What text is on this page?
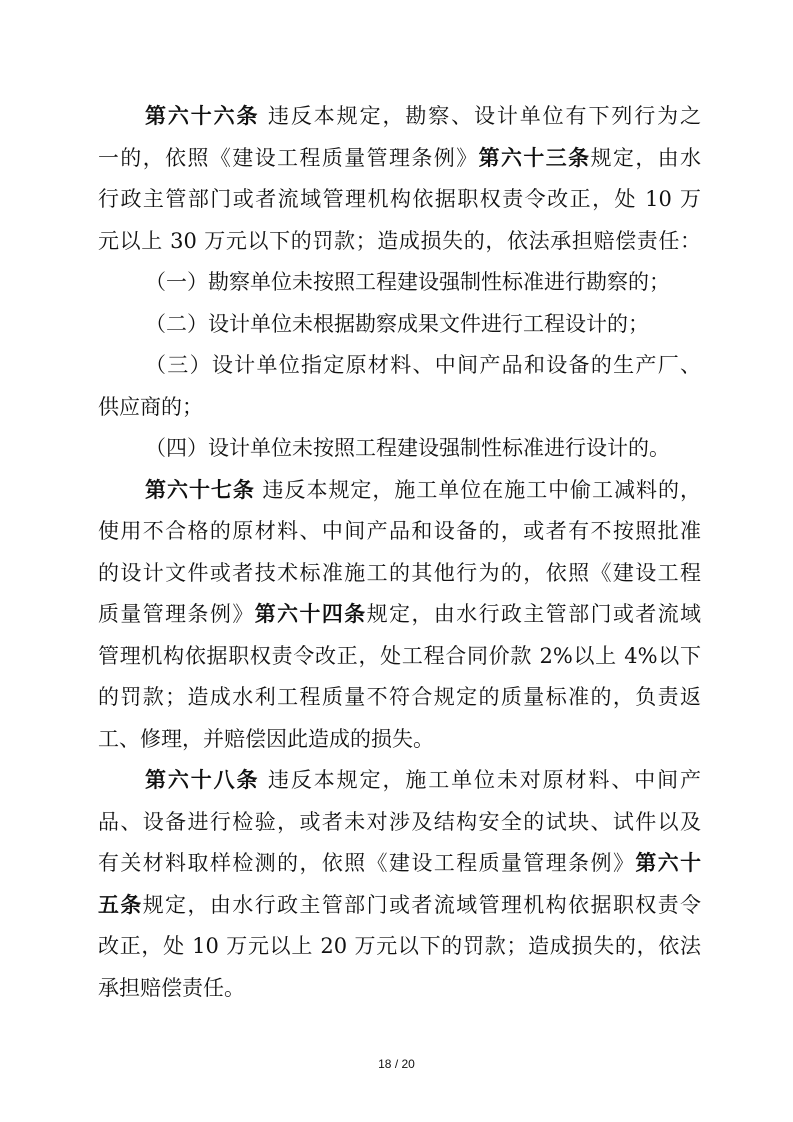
第六十六条 违反本规定，勘察、设计单位有下列行为之
一的，依照《建设工程质量管理条例》第六十三条规定，由水
行政主管部门或者流域管理机构依据职权责令改正，处 10 万
元以上 30 万元以下的罚款；造成损失的，依法承担赔偿责任：
（一）勘察单位未按照工程建设强制性标准进行勘察的；
（二）设计单位未根据勘察成果文件进行工程设计的；
（三）设计单位指定原材料、中间产品和设备的生产厂、
供应商的；
（四）设计单位未按照工程建设强制性标准进行设计的。
第六十七条 违反本规定，施工单位在施工中偷工减料的，
使用不合格的原材料、中间产品和设备的，或者有不按照批准
的设计文件或者技术标准施工的其他行为的，依照《建设工程
质量管理条例》第六十四条规定，由水行政主管部门或者流域
管理机构依据职权责令改正，处工程合同价款 2%以上 4%以下
的罚款；造成水利工程质量不符合规定的质量标准的，负责返
工、修理，并赔偿因此造成的损失。
第六十八条 违反本规定，施工单位未对原材料、中间产
品、设备进行检验，或者未对涉及结构安全的试块、试件以及
有关材料取样检测的，依照《建设工程质量管理条例》第六十
五条规定，由水行政主管部门或者流域管理机构依据职权责令
改正，处 10 万元以上 20 万元以下的罚款；造成损失的，依法
承担赔偿责任。
18 / 20
